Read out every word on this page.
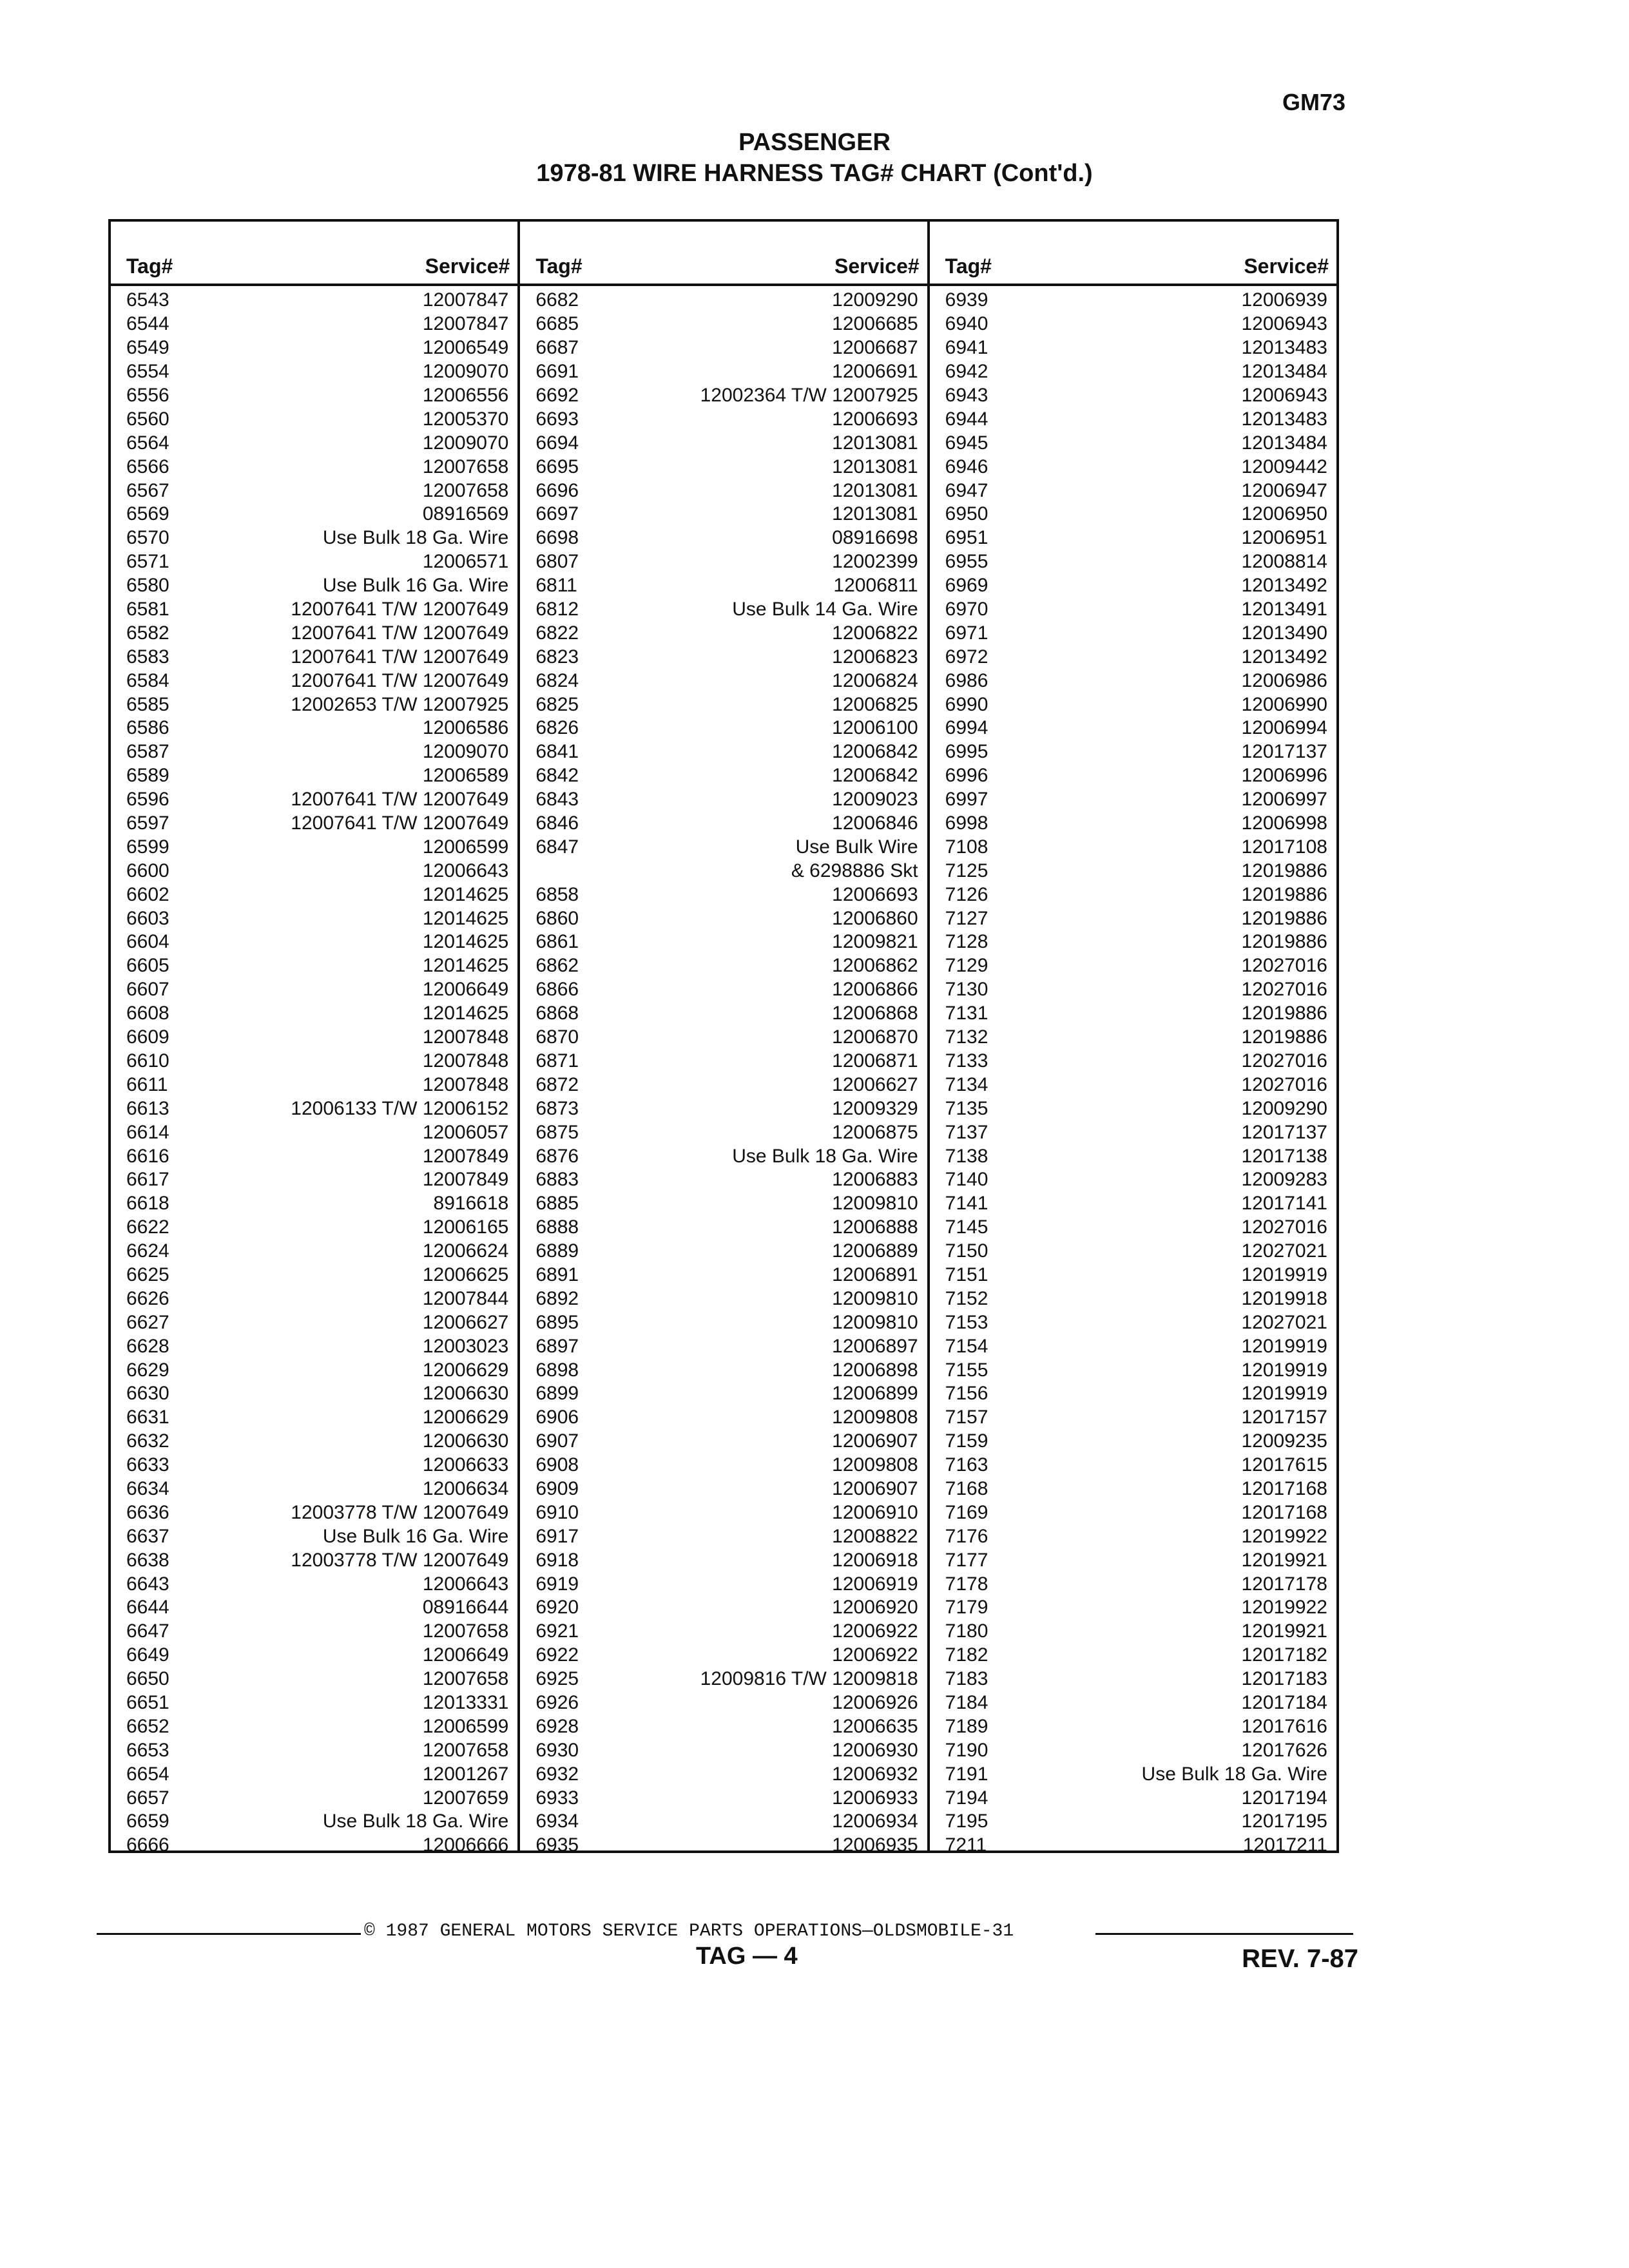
GM73
PASSENGER
1978-81 WIRE HARNESS TAG# CHART (Cont'd.)
Tag#	Service#
6543	12007847
6544	12007847
6549	12006549
6554	12009070
6556	12006556
6560	12005370
6564	12009070
6566	12007658
6567	12007658
6569	08916569
6570	Use Bulk 18 Ga. Wire
6571	12006571
6580	Use Bulk 16 Ga. Wire
6581	12007641 T/W 12007649
6582	12007641 T/W 12007649
6583	12007641 T/W 12007649
6584	12007641 T/W 12007649
6585	12002653 T/W 12007925
6586	12006586
6587	12009070
6589	12006589
6596	12007641 T/W 12007649
6597	12007641 T/W 12007649
6599	12006599
6600	12006643
6602	12014625
6603	12014625
6604	12014625
6605	12014625
6607	12006649
6608	12014625
6609	12007848
6610	12007848
6611	12007848
6613	12006133 T/W 12006152
6614	12006057
6616	12007849
6617	12007849
6618	8916618
6622	12006165
6624	12006624
6625	12006625
6626	12007844
6627	12006627
6628	12003023
6629	12006629
6630	12006630
6631	12006629
6632	12006630
6633	12006633
6634	12006634
6636	12003778 T/W 12007649
6637	Use Bulk 16 Ga. Wire
6638	12003778 T/W 12007649
6643	12006643
6644	08916644
6647	12007658
6649	12006649
6650	12007658
6651	12013331
6652	12006599
6653	12007658
6654	12001267
6657	12007659
6659	Use Bulk 18 Ga. Wire
6666	12006666
Tag#	Service#
6682	12009290
6685	12006685
6687	12006687
6691	12006691
6692	12002364 T/W 12007925
6693	12006693
6694	12013081
6695	12013081
6696	12013081
6697	12013081
6698	08916698
6807	12002399
6811	12006811
6812	Use Bulk 14 Ga. Wire
6822	12006822
6823	12006823
6824	12006824
6825	12006825
6826	12006100
6841	12006842
6842	12006842
6843	12009023
6846	12006846
6847	Use Bulk Wire
& 6298886 Skt
6858	12006693
6860	12006860
6861	12009821
6862	12006862
6866	12006866
6868	12006868
6870	12006870
6871	12006871
6872	12006627
6873	12009329
6875	12006875
6876	Use Bulk 18 Ga. Wire
6883	12006883
6885	12009810
6888	12006888
6889	12006889
6891	12006891
6892	12009810
6895	12009810
6897	12006897
6898	12006898
6899	12006899
6906	12009808
6907	12006907
6908	12009808
6909	12006907
6910	12006910
6917	12008822
6918	12006918
6919	12006919
6920	12006920
6921	12006922
6922	12006922
6925	12009816 T/W 12009818
6926	12006926
6928	12006635
6930	12006930
6932	12006932
6933	12006933
6934	12006934
6935	12006935
Tag#	Service#
6939	12006939
6940	12006943
6941	12013483
6942	12013484
6943	12006943
6944	12013483
6945	12013484
6946	12009442
6947	12006947
6950	12006950
6951	12006951
6955	12008814
6969	12013492
6970	12013491
6971	12013490
6972	12013492
6986	12006986
6990	12006990
6994	12006994
6995	12017137
6996	12006996
6997	12006997
6998	12006998
7108	12017108
7125	12019886
7126	12019886
7127	12019886
7128	12019886
7129	12027016
7130	12027016
7131	12019886
7132	12019886
7133	12027016
7134	12027016
7135	12009290
7137	12017137
7138	12017138
7140	12009283
7141	12017141
7145	12027016
7150	12027021
7151	12019919
7152	12019918
7153	12027021
7154	12019919
7155	12019919
7156	12019919
7157	12017157
7159	12009235
7163	12017615
7168	12017168
7169	12017168
7176	12019922
7177	12019921
7178	12017178
7179	12019922
7180	12019921
7182	12017182
7183	12017183
7184	12017184
7189	12017616
7190	12017626
7191	Use Bulk 18 Ga. Wire
7194	12017194
7195	12017195
7211	12017211
© 1987 GENERAL MOTORS SERVICE PARTS OPERATIONS—OLDSMOBILE-31
TAG — 4	REV. 7-87
